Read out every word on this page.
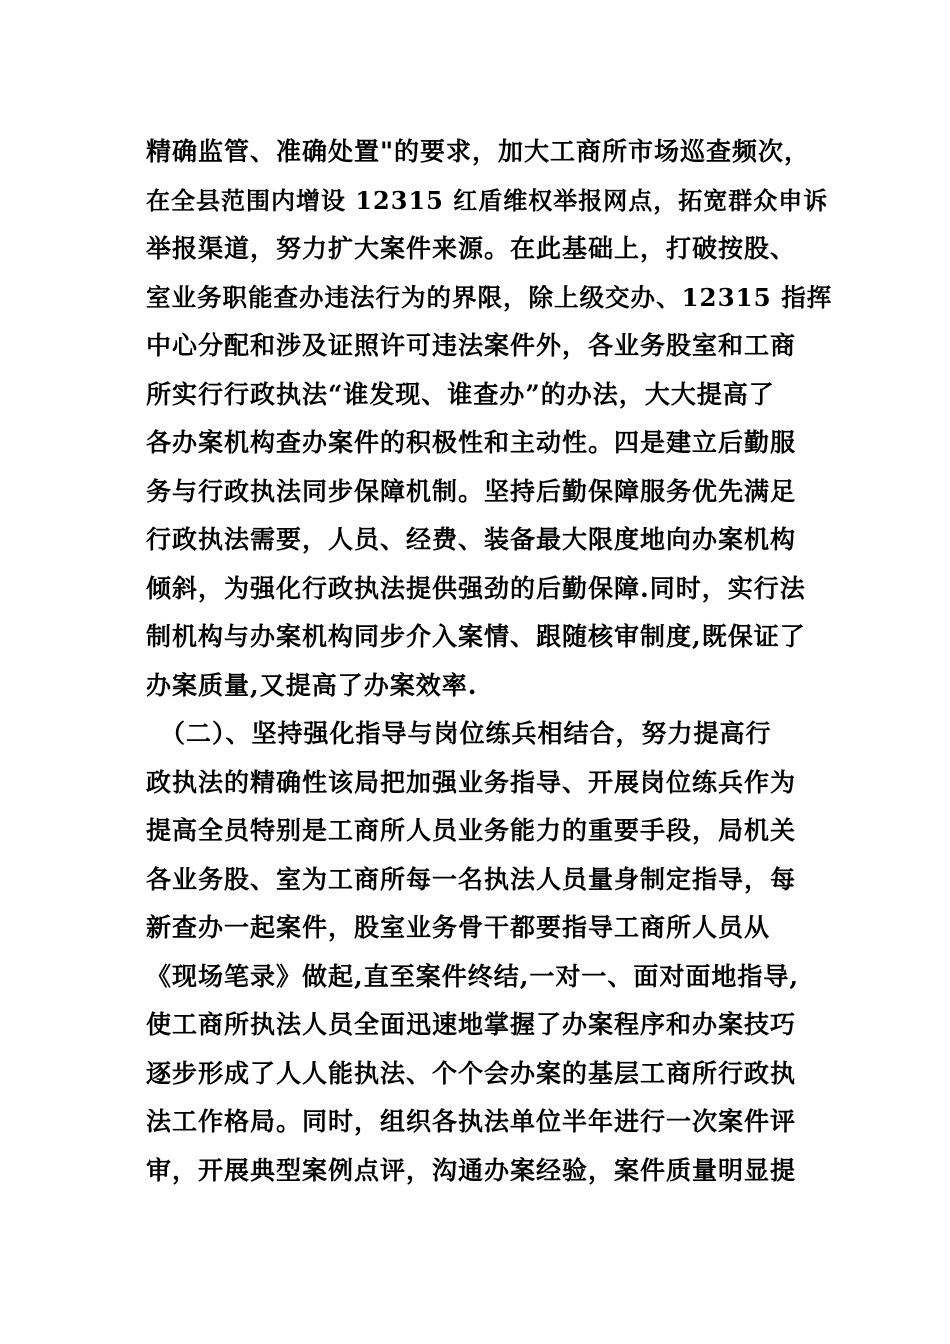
精确监管、准确处置"的要求，加大工商所市场巡查频次，
在全县范围内增设 12315 红盾维权举报网点，拓宽群众申诉
举报渠道，努力扩大案件来源。在此基础上，打破按股、
室业务职能查办违法行为的界限，除上级交办、12315 指挥
中心分配和涉及证照许可违法案件外，各业务股室和工商
所实行行政执法“谁发现、谁查办”的办法，大大提高了
各办案机构查办案件的积极性和主动性。四是建立后勤服
务与行政执法同步保障机制。坚持后勤保障服务优先满足
行政执法需要，人员、经费、装备最大限度地向办案机构
倾斜，为强化行政执法提供强劲的后勤保障.同时，实行法
制机构与办案机构同步介入案情、跟随核审制度,既保证了
办案质量,又提高了办案效率.
（二）、坚持强化指导与岗位练兵相结合，努力提高行
政执法的精确性该局把加强业务指导、开展岗位练兵作为
提高全员特别是工商所人员业务能力的重要手段，局机关
各业务股、室为工商所每一名执法人员量身制定指导，每
新查办一起案件，股室业务骨干都要指导工商所人员从
《现场笔录》做起,直至案件终结,一对一、面对面地指导,
使工商所执法人员全面迅速地掌握了办案程序和办案技巧
逐步形成了人人能执法、个个会办案的基层工商所行政执
法工作格局。同时，组织各执法单位半年进行一次案件评
审，开展典型案例点评，沟通办案经验，案件质量明显提
